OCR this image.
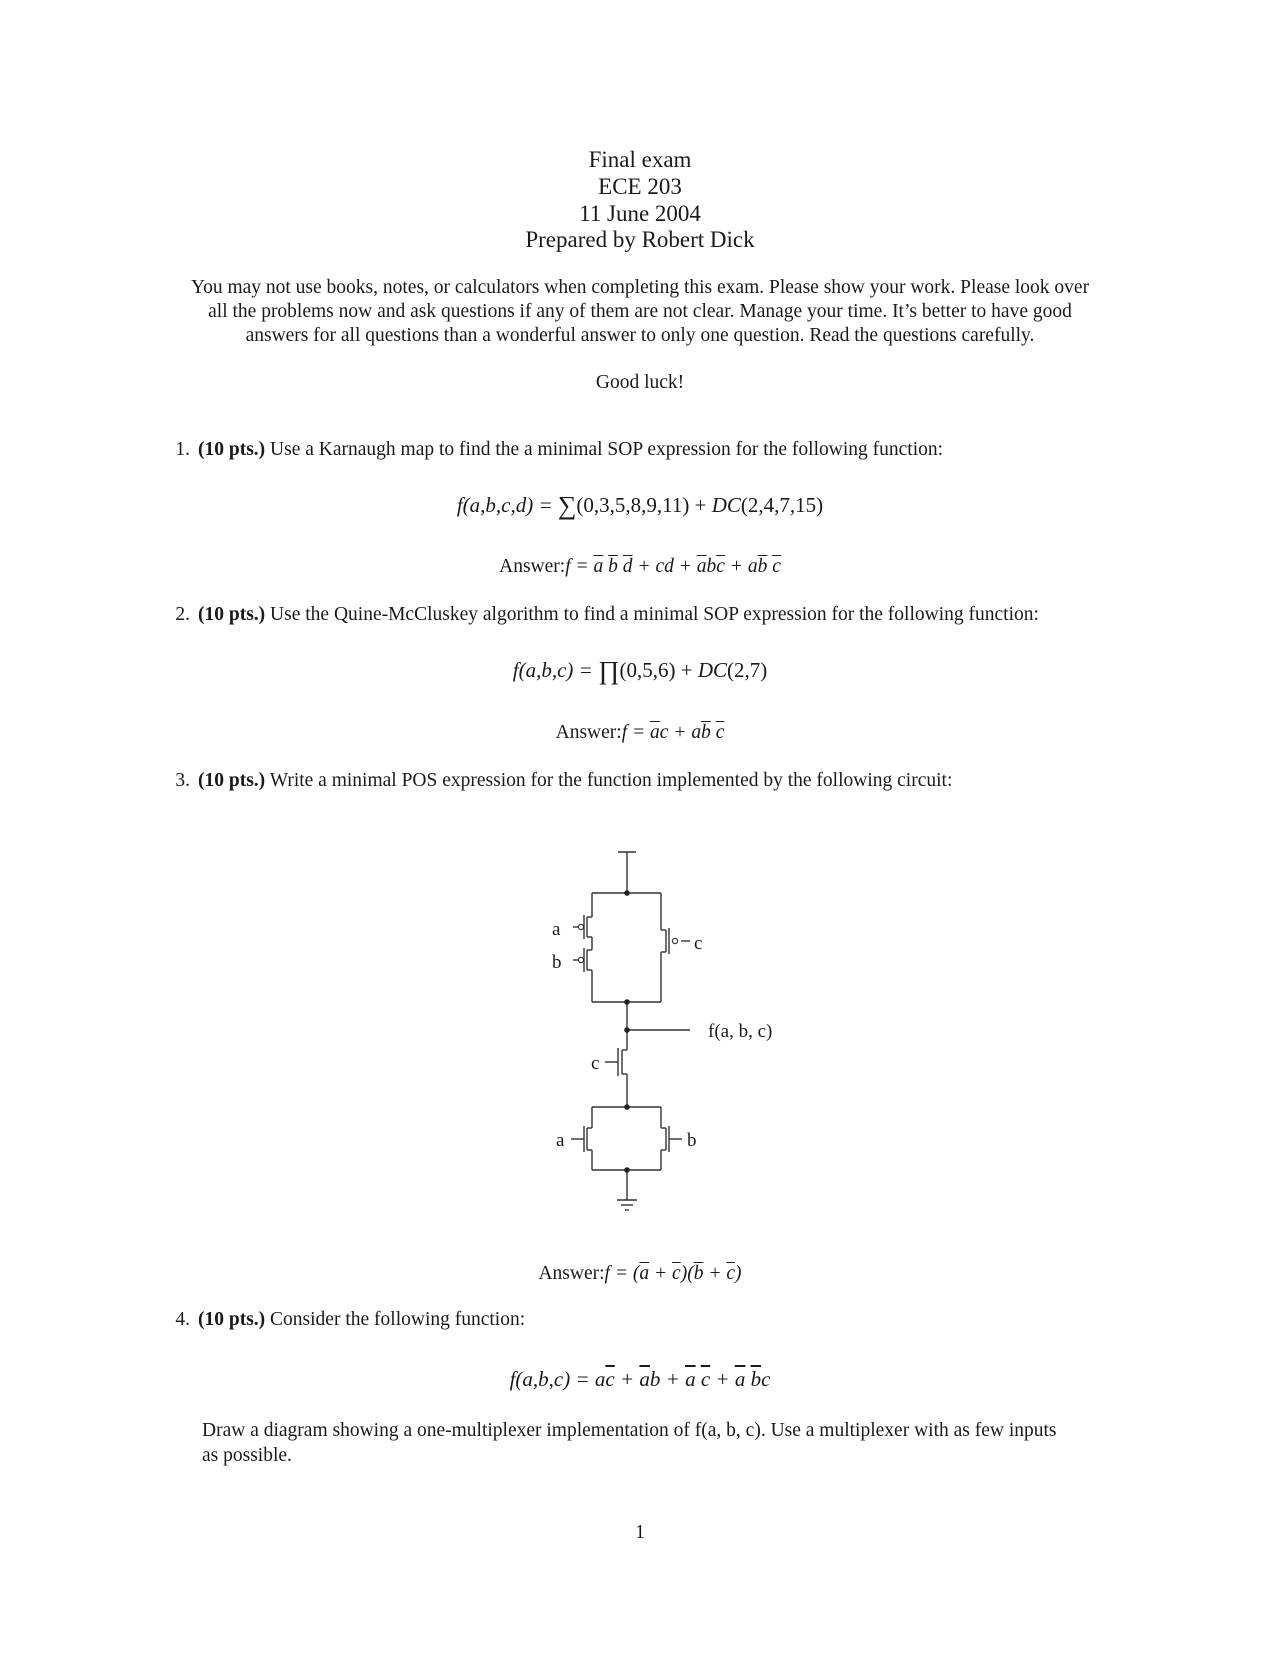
Final exam
ECE 203
11 June 2004
Prepared by Robert Dick
You may not use books, notes, or calculators when completing this exam. Please show your work. Please look over
all the problems now and ask questions if any of them are not clear. Manage your time. It’s better to have good
answers for all questions than a wonderful answer to only one question. Read the questions carefully.
Good luck!
1. (10 pts.) Use a Karnaugh map to find the a minimal SOP expression for the following function:
f(a,b,c,d) = ∑(0,3,5,8,9,11) + DC(2,4,7,15)
Answer:f = $\overline{a}$ $\overline{b}$ $\overline{d}$ + cd + $\overline{a}b\overline{c} + a\overline{b}$ $\overline{c}$
2. (10 pts.) Use the Quine-McCluskey algorithm to find a minimal SOP expression for the following function:
f(a,b,c) = ∏(0,5,6) + DC(2,7)
Answer:f = $\overline{a}c + a\overline{b}$ $\overline{c}$
3. (10 pts.) Write a minimal POS expression for the function implemented by the following circuit:
a
b
c
f(a, b, c)
c
a	b
Answer:f = $(\overline{a} + \overline{c})(\overline{b} + \overline{c})$
4. (10 pts.) Consider the following function:
$f(a,b,c) = a\overline{c} + \overline{a}b + \overline{a}$ $\overline{c} + \overline{a}$ $\overline{b}c$
Draw a diagram showing a one-multiplexer implementation of f(a, b, c). Use a multiplexer with as few inputs
as possible.
1
